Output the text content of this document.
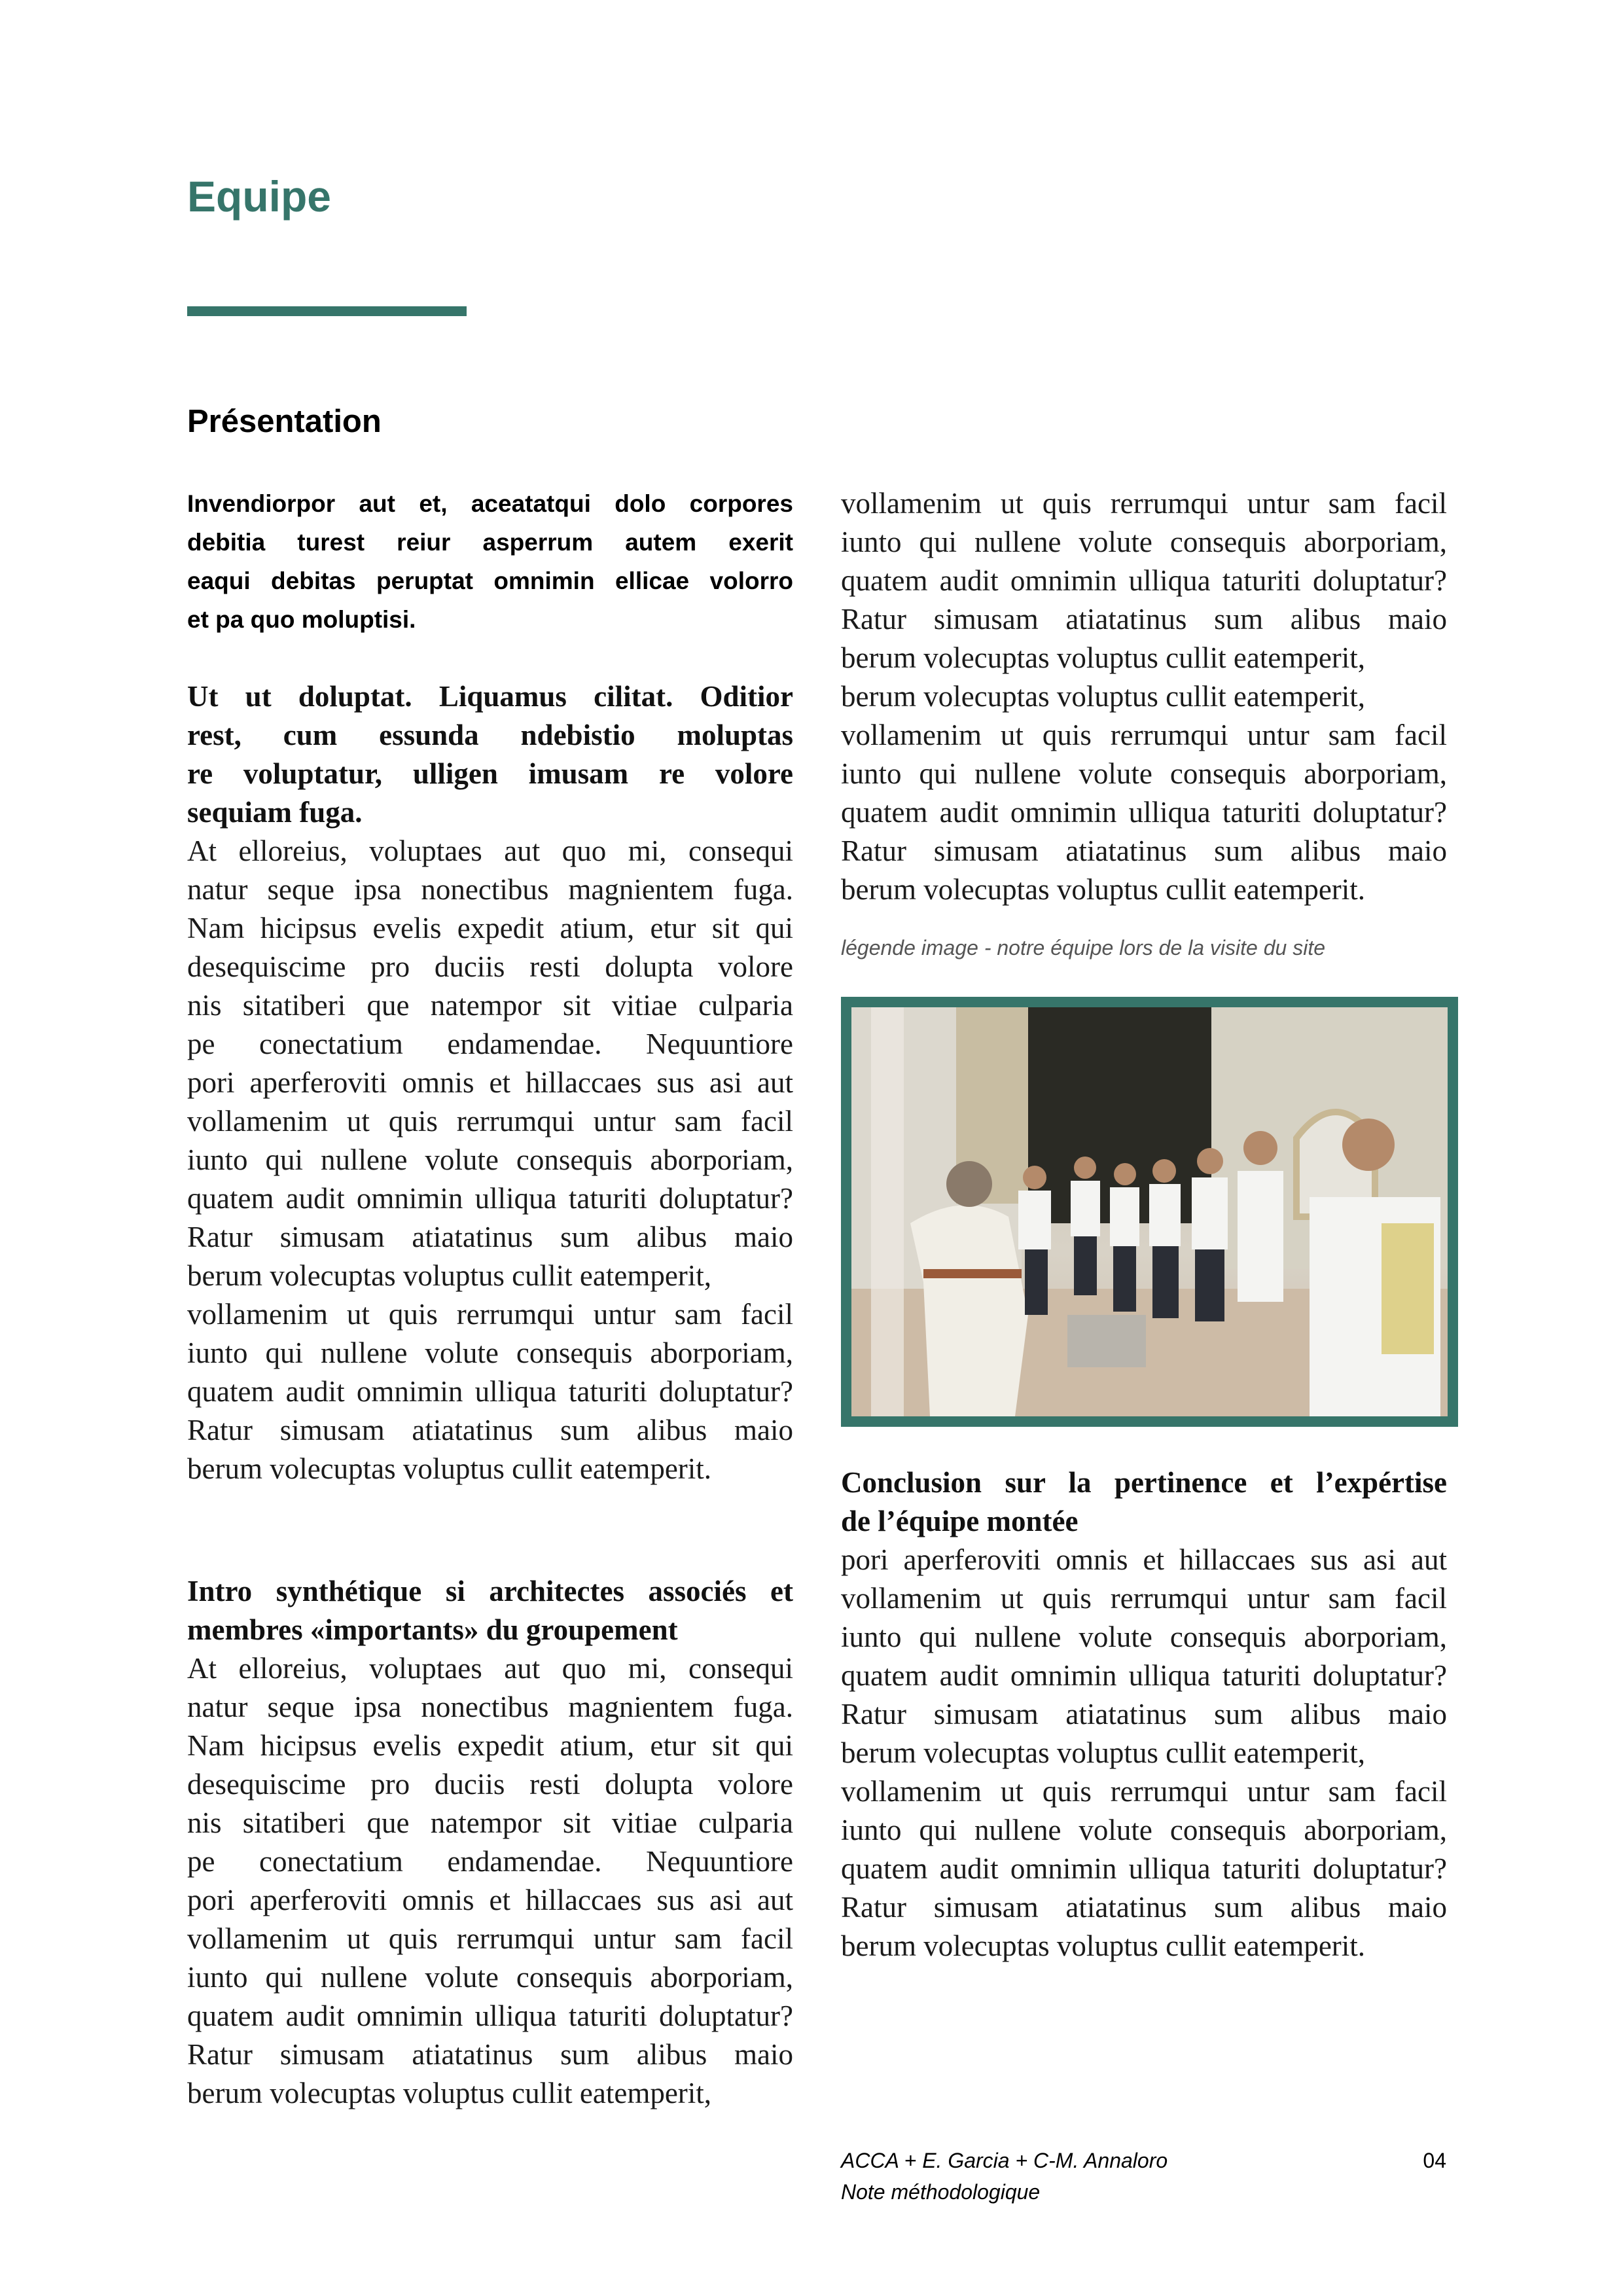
Equipe
Présentation
Invendiorpor aut et, aceatatqui dolo corpores
debitia turest reiur asperrum autem exerit
eaqui debitas peruptat omnimin ellicae volorro
et pa quo moluptisi.
Ut ut doluptat. Liquamus cilitat. Oditior
rest, cum essunda ndebistio moluptas
re voluptatur, ulligen imusam re volore
sequiam fuga.
At elloreius, voluptaes aut quo mi, consequi
natur seque ipsa nonectibus magnientem fuga.
Nam hicipsus evelis expedit atium, etur sit qui
desequiscime pro duciis resti dolupta volore
nis sitatiberi que natempor sit vitiae culparia
pe conectatium endamendae. Nequuntiore
pori aperferoviti omnis et hillaccaes sus asi aut
vollamenim ut quis rerrumqui untur sam facil
iunto qui nullene volute consequis aborporiam,
quatem audit omnimin ulliqua taturiti doluptatur?
Ratur simusam atiatatinus sum alibus maio
berum volecuptas voluptus cullit eatemperit,
vollamenim ut quis rerrumqui untur sam facil
iunto qui nullene volute consequis aborporiam,
quatem audit omnimin ulliqua taturiti doluptatur?
Ratur simusam atiatatinus sum alibus maio
berum volecuptas voluptus cullit eatemperit.
Intro synthétique si architectes associés et
membres «importants» du groupement
At elloreius, voluptaes aut quo mi, consequi
natur seque ipsa nonectibus magnientem fuga.
Nam hicipsus evelis expedit atium, etur sit qui
desequiscime pro duciis resti dolupta volore
nis sitatiberi que natempor sit vitiae culparia
pe conectatium endamendae. Nequuntiore
pori aperferoviti omnis et hillaccaes sus asi aut
vollamenim ut quis rerrumqui untur sam facil
iunto qui nullene volute consequis aborporiam,
quatem audit omnimin ulliqua taturiti doluptatur?
Ratur simusam atiatatinus sum alibus maio
berum volecuptas voluptus cullit eatemperit,
vollamenim ut quis rerrumqui untur sam facil
iunto qui nullene volute consequis aborporiam,
quatem audit omnimin ulliqua taturiti doluptatur?
Ratur simusam atiatatinus sum alibus maio
berum volecuptas voluptus cullit eatemperit,
berum volecuptas voluptus cullit eatemperit,
vollamenim ut quis rerrumqui untur sam facil
iunto qui nullene volute consequis aborporiam,
quatem audit omnimin ulliqua taturiti doluptatur?
Ratur simusam atiatatinus sum alibus maio
berum volecuptas voluptus cullit eatemperit.
légende image - notre équipe lors de la visite du site
Conclusion sur la pertinence et l’expértise
de l’équipe montée
pori aperferoviti omnis et hillaccaes sus asi aut
vollamenim ut quis rerrumqui untur sam facil
iunto qui nullene volute consequis aborporiam,
quatem audit omnimin ulliqua taturiti doluptatur?
Ratur simusam atiatatinus sum alibus maio
berum volecuptas voluptus cullit eatemperit,
vollamenim ut quis rerrumqui untur sam facil
iunto qui nullene volute consequis aborporiam,
quatem audit omnimin ulliqua taturiti doluptatur?
Ratur simusam atiatatinus sum alibus maio
berum volecuptas voluptus cullit eatemperit.
ACCA + E. Garcia + C-M. Annaloro
Note méthodologique
04
